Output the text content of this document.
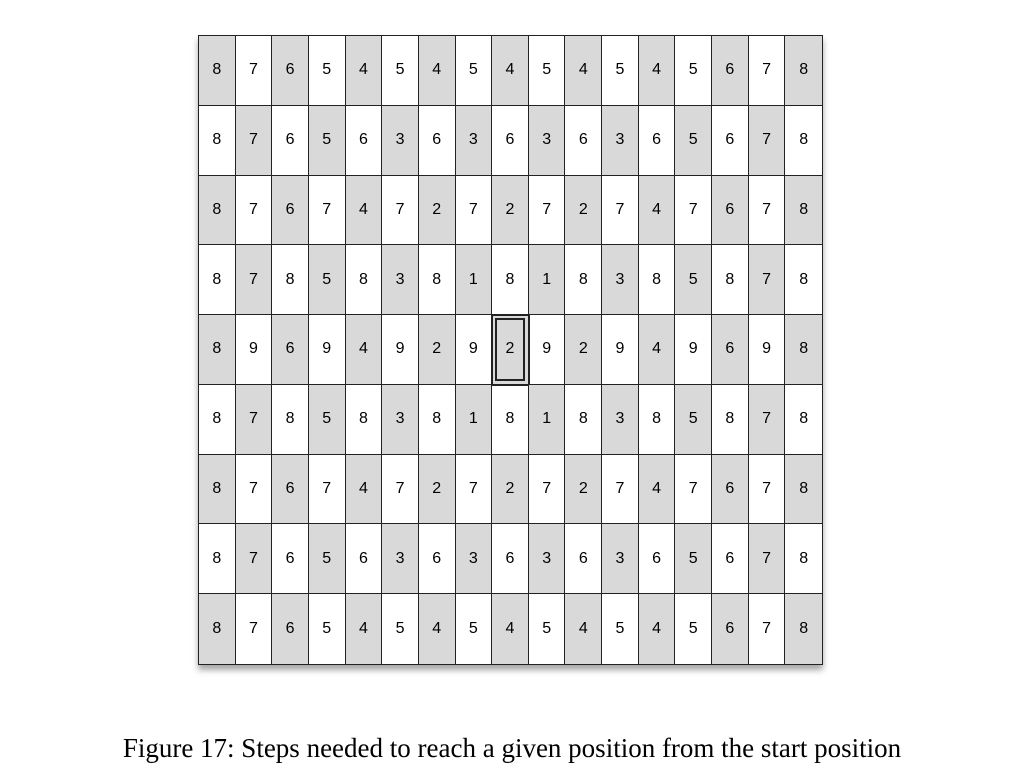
8	7	6	5	4	5	4	5	4	5	4	5	4	5	6	7	8
8	7	6	5	6	3	6	3	6	3	6	3	6	5	6	7	8
8	7	6	7	4	7	2	7	2	7	2	7	4	7	6	7	8
8	7	8	5	8	3	8	1	8	1	8	3	8	5	8	7	8
8	9	6	9	4	9	2	9	2	9	2	9	4	9	6	9	8
8	7	8	5	8	3	8	1	8	1	8	3	8	5	8	7	8
8	7	6	7	4	7	2	7	2	7	2	7	4	7	6	7	8
8	7	6	5	6	3	6	3	6	3	6	3	6	5	6	7	8
8	7	6	5	4	5	4	5	4	5	4	5	4	5	6	7	8
Figure 17: Steps needed to reach a given position from the start position
